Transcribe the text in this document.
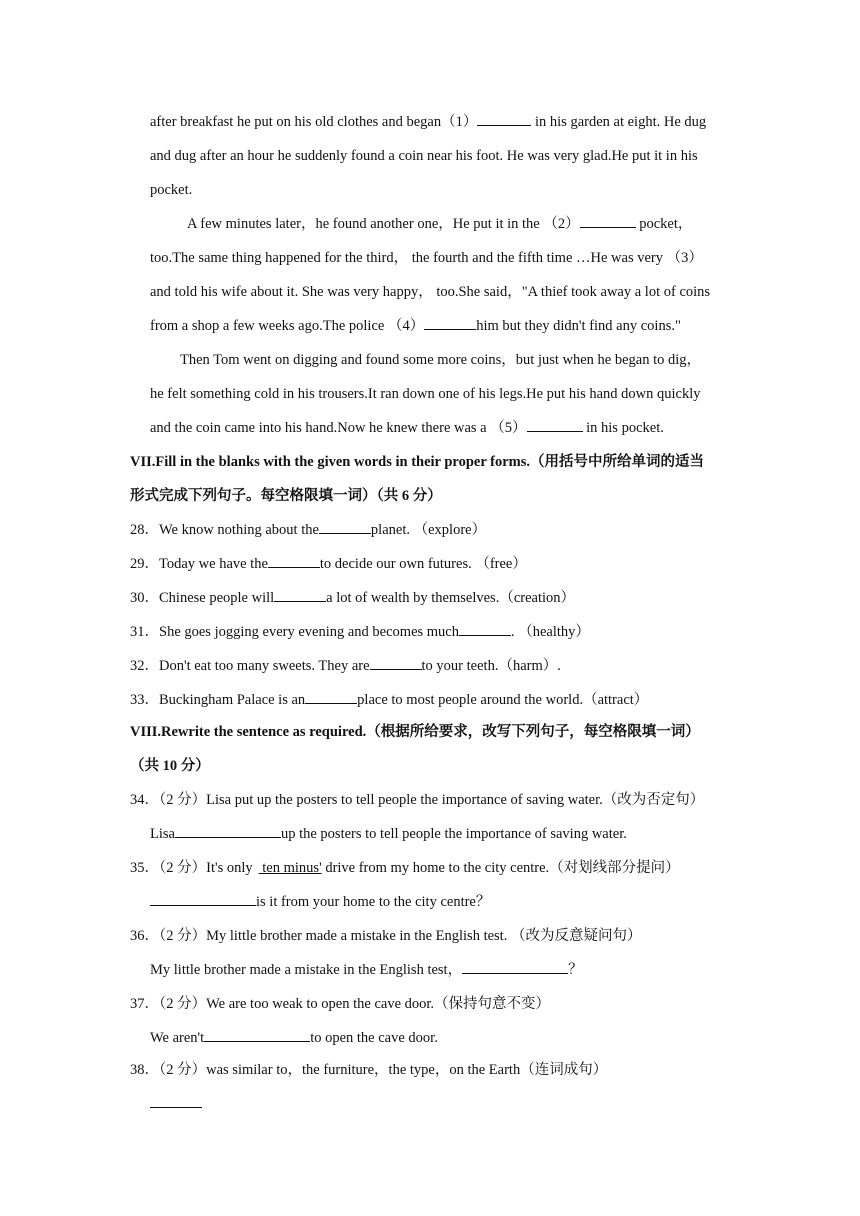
after breakfast he put on his old clothes and began（1）	in his garden at eight. He dug
and dug after an hour he suddenly found a coin near his foot. He was very glad.He put it in his
pocket.
A few minutes later，he found another one，He put it in the （2）	pocket，
too.The same thing happened for the third， the fourth and the fifth time …He was very （3）
and told his wife about it. She was very happy， too.She said，"A thief took away a lot of coins
from a shop a few weeks ago.The police （4）	him but they didn't find any coins."
Then Tom went on digging and found some more coins，but just when he began to dig，
he felt something cold in his trousers.It ran down one of his legs.He put his hand down quickly
and the coin came into his hand.Now he knew there was a （5）	in his pocket.
VII.Fill in the blanks with the given words in their proper forms.（用括号中所给单词的适当
形式完成下列句子。每空格限填一词）（共 6 分）
28．We know nothing about the	planet. （explore）
29．Today we have the	to decide our own futures. （free）
30．Chinese people will	a lot of wealth by themselves.（creation）
31．She goes jogging every evening and becomes much	. （healthy）
32．Don't eat too many sweets. They are	to your teeth.（harm）.
33．Buckingham Palace is an	place to most people around the world.（attract）
VIII.Rewrite the sentence as required.（根据所给要求，改写下列句子，每空格限填一词）
（共 10 分）
34．（2 分）Lisa put up the posters to tell people the importance of saving water.（改为否定句）
Lisa	up the posters to tell people the importance of saving water.
35．（2 分）It's only ten minus' drive from my home to the city centre.（对划线部分提问）
is it from your home to the city centre？
36．（2 分）My little brother made a mistake in the English test. （改为反意疑问句）
My little brother made a mistake in the English test，	？
37．（2 分）We are too weak to open the cave door.（保持句意不变）
We aren't	to open the cave door.
38．（2 分）was similar to，the furniture，the type，on the Earth（连词成句）
